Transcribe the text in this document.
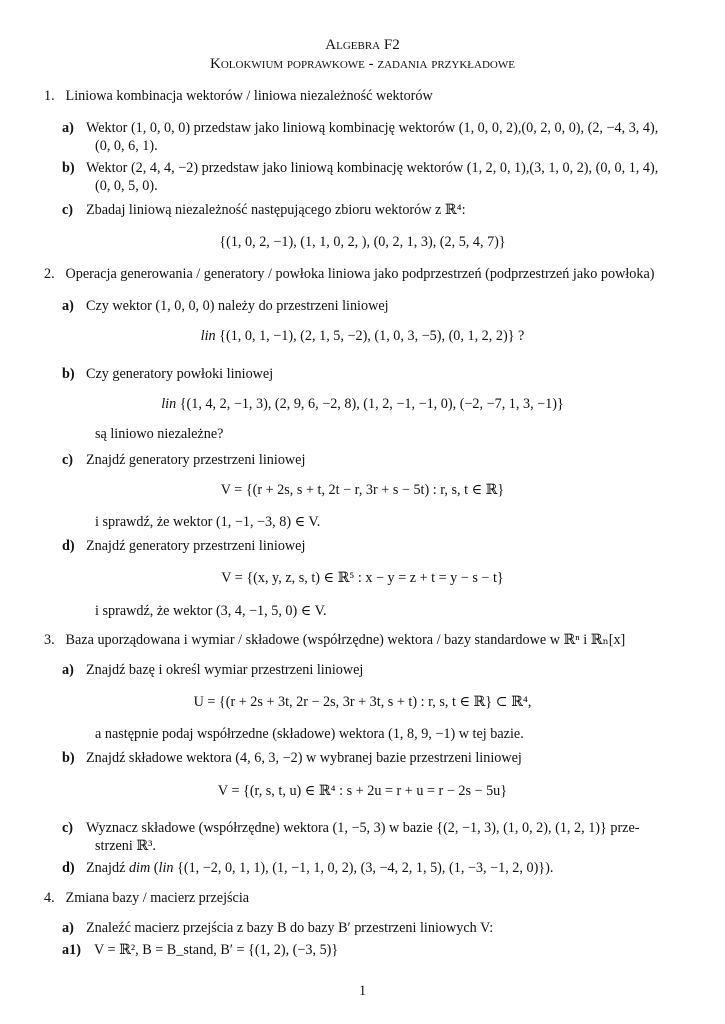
Algebra F2
Kolokwium poprawkowe - zadania przykładowe
1. Liniowa kombinacja wektorów / liniowa niezależność wektorów
a) Wektor (1, 0, 0, 0) przedstaw jako liniową kombinację wektorów (1, 0, 0, 2),(0, 2, 0, 0), (2, −4, 3, 4),
(0, 0, 6, 1).
b) Wektor (2, 4, 4, −2) przedstaw jako liniową kombinację wektorów (1, 2, 0, 1),(3, 1, 0, 2), (0, 0, 1, 4),
(0, 0, 5, 0).
c) Zbadaj liniową niezależność następującego zbioru wektorów z ℝ⁴:
{(1, 0, 2, −1), (1, 1, 0, 2, ), (0, 2, 1, 3), (2, 5, 4, 7)}
2. Operacja generowania / generatory / powłoka liniowa jako podprzestrzeń (podprzestrzeń jako powłoka)
a) Czy wektor (1, 0, 0, 0) należy do przestrzeni liniowej
lin {(1, 0, 1, −1), (2, 1, 5, −2), (1, 0, 3, −5), (0, 1, 2, 2)} ?
b) Czy generatory powłoki liniowej
lin {(1, 4, 2, −1, 3), (2, 9, 6, −2, 8), (1, 2, −1, −1, 0), (−2, −7, 1, 3, −1)}
są liniowo niezależne?
c) Znajdź generatory przestrzeni liniowej
V = {(r + 2s, s + t, 2t − r, 3r + s − 5t) : r, s, t ∈ ℝ}
i sprawdź, że wektor (1, −1, −3, 8) ∈ V.
d) Znajdź generatory przestrzeni liniowej
V = {(x, y, z, s, t) ∈ ℝ⁵ : x − y = z + t = y − s − t}
i sprawdź, że wektor (3, 4, −1, 5, 0) ∈ V.
3. Baza uporządowana i wymiar / składowe (współrzędne) wektora / bazy standardowe w ℝⁿ i ℝₙ[x]
a) Znajdź bazę i określ wymiar przestrzeni liniowej
U = {(r + 2s + 3t, 2r − 2s, 3r + 3t, s + t) : r, s, t ∈ ℝ} ⊂ ℝ⁴,
a następnie podaj współrzedne (składowe) wektora (1, 8, 9, −1) w tej bazie.
b) Znajdź składowe wektora (4, 6, 3, −2) w wybranej bazie przestrzeni liniowej
V = {(r, s, t, u) ∈ ℝ⁴ : s + 2u = r + u = r − 2s − 5u}
c) Wyznacz składowe (współrzędne) wektora (1, −5, 3) w bazie {(2, −1, 3), (1, 0, 2), (1, 2, 1)} prze-
strzeni ℝ³.
d) Znajdź dim (lin {(1, −2, 0, 1, 1), (1, −1, 1, 0, 2), (3, −4, 2, 1, 5), (1, −3, −1, 2, 0)}).
4. Zmiana bazy / macierz przejścia
a) Znaleźć macierz przejścia z bazy B do bazy B′ przestrzeni liniowych V:
a1) V = ℝ², B = B_stand, B′ = {(1, 2), (−3, 5)}
1
